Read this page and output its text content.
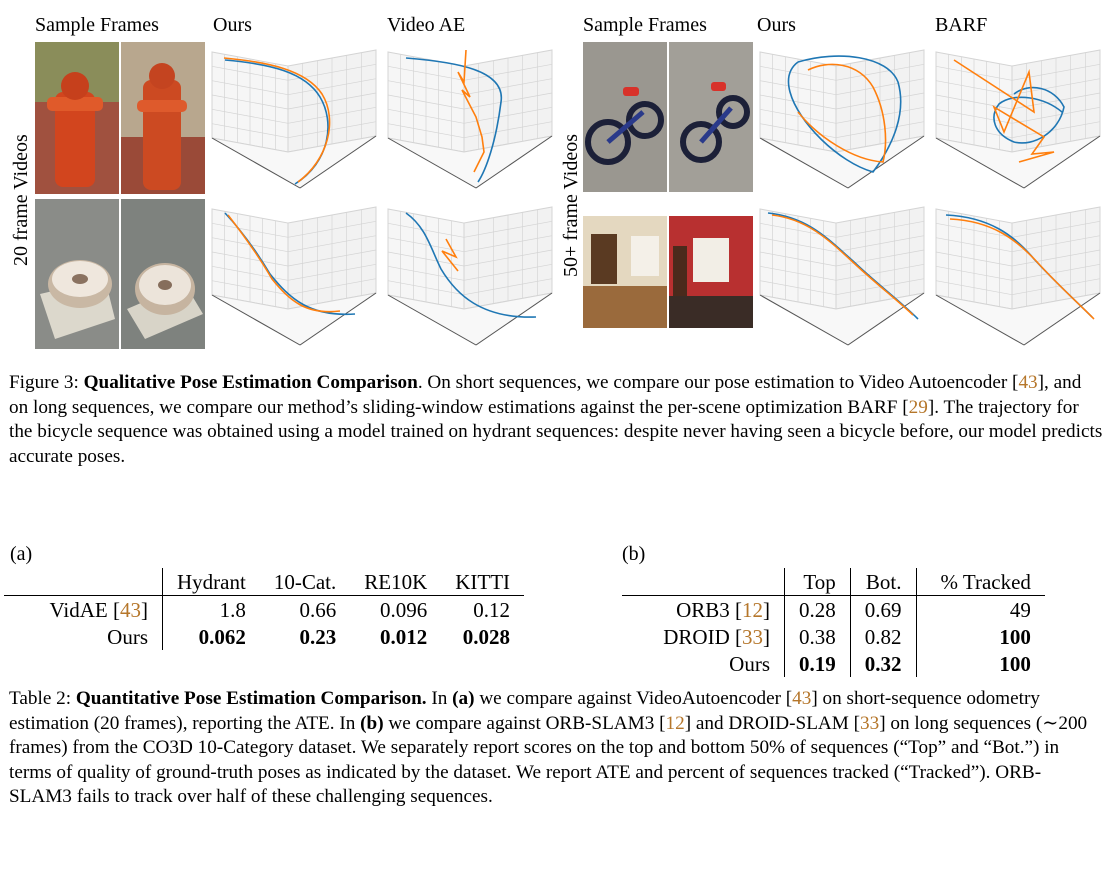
Sample Frames	Ours	Video AE	Sample Frames	Ours	BARF
20 frame Videos	50+ frame Videos
Figure 3: Qualitative Pose Estimation Comparison. On short sequences, we compare our pose estimation to Video Autoencoder [43], and on long sequences, we compare our method’s sliding-window estimations against the per-scene optimization BARF [29]. The trajectory for the bicycle sequence was obtained using a model trained on hydrant sequences: despite never having seen a bicycle before, our model predicts accurate poses.
(a)
	Hydrant	10-Cat.	RE10K	KITTI
VidAE [43]	1.8	0.66	0.096	0.12
Ours	0.062	0.23	0.012	0.028
(b)
	Top	Bot.	% Tracked
ORB3 [12]	0.28	0.69	49
DROID [33]	0.38	0.82	100
Ours	0.19	0.32	100
Table 2: Quantitative Pose Estimation Comparison. In (a) we compare against VideoAutoencoder [43] on short-sequence odometry estimation (20 frames), reporting the ATE. In (b) we compare against ORB-SLAM3 [12] and DROID-SLAM [33] on long sequences (∼200 frames) from the CO3D 10-Category dataset. We separately report scores on the top and bottom 50% of sequences (“Top” and “Bot.”) in terms of quality of ground-truth poses as indicated by the dataset. We report ATE and percent of sequences tracked (“Tracked”). ORB-SLAM3 fails to track over half of these challenging sequences.
